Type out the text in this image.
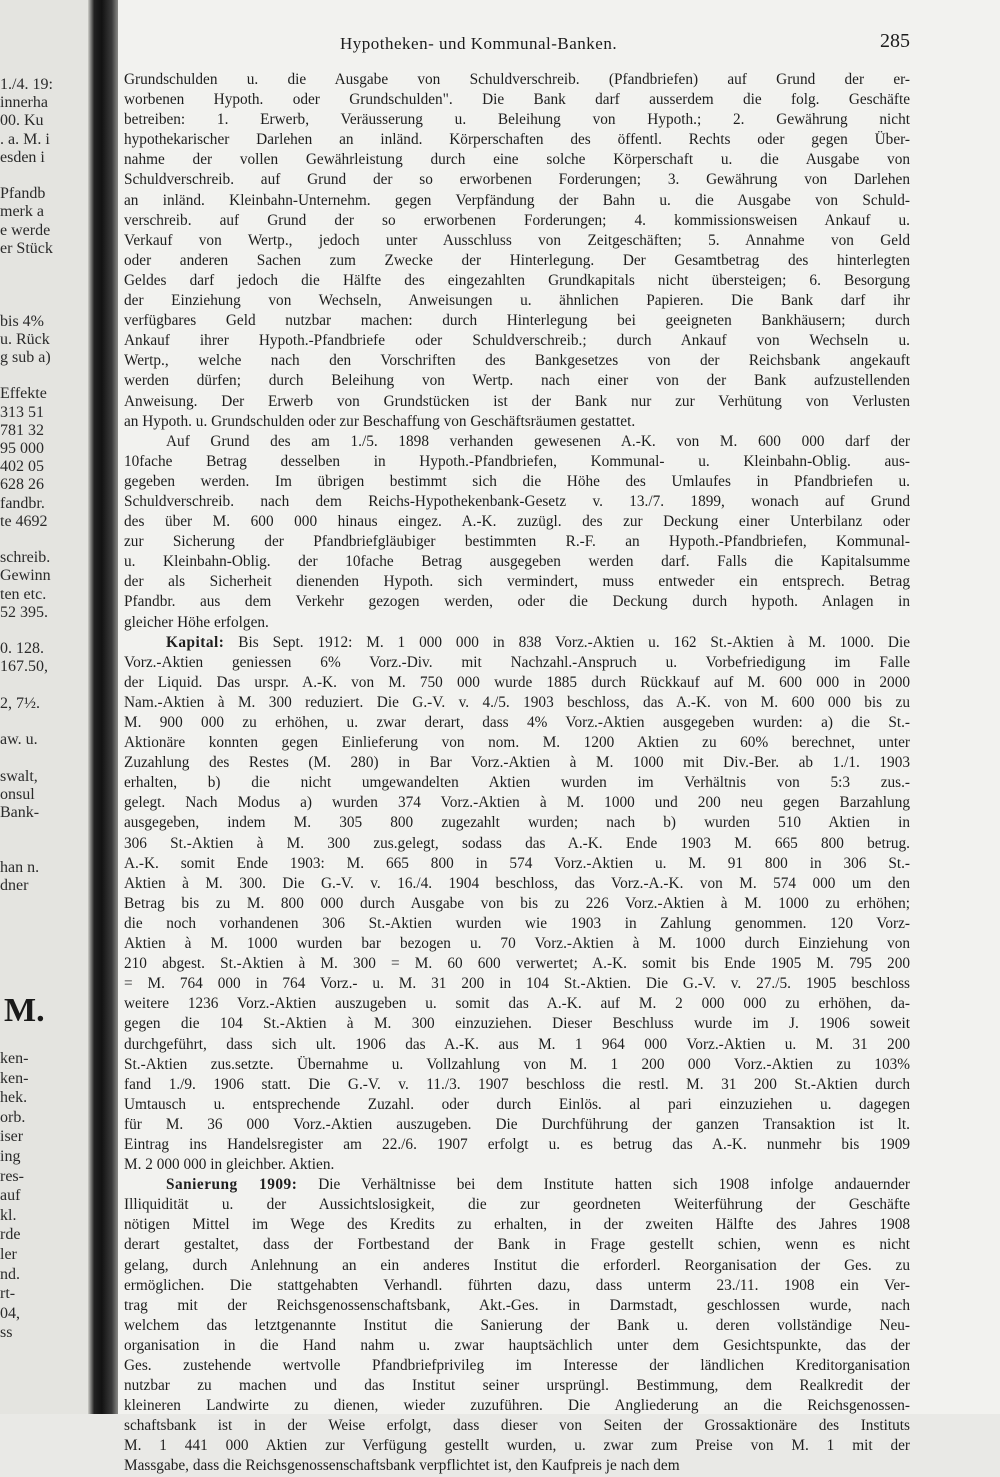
1./4. 19:
innerha
00. Ku
. a. M. i
esden i
Pfandb
merk a
e werde
er Stück
bis 4%
u. Rück
g sub a)
Effekte
313 51
781 32
95 000
402 05
628 26
fandbr.
te 4692
schreib.
Gewinn
ten etc.
52 395.
0. 128.
167.50,
2, 7½.
aw. u.
swalt,
onsul
Bank-
han n.
dner
M.
ken-
ken-
hek.
orb.
iser
ing
res-
auf
kl.
rde
ler
nd.
rt-
04,
ss
Hypotheken- und Kommunal-Banken.	285
Grundschulden u. die Ausgabe von Schuldverschreib. (Pfandbriefen) auf Grund der er-
worbenen Hypoth. oder Grundschulden". Die Bank darf ausserdem die folg. Geschäfte
betreiben: 1. Erwerb, Veräusserung u. Beleihung von Hypoth.; 2. Gewährung nicht
hypothekarischer Darlehen an inländ. Körperschaften des öffentl. Rechts oder gegen Über-
nahme der vollen Gewährleistung durch eine solche Körperschaft u. die Ausgabe von
Schuldverschreib. auf Grund der so erworbenen Forderungen; 3. Gewährung von Darlehen
an inländ. Kleinbahn-Unternehm. gegen Verpfändung der Bahn u. die Ausgabe von Schuld-
verschreib. auf Grund der so erworbenen Forderungen; 4. kommissionsweisen Ankauf u.
Verkauf von Wertp., jedoch unter Ausschluss von Zeitgeschäften; 5. Annahme von Geld
oder anderen Sachen zum Zwecke der Hinterlegung. Der Gesamtbetrag des hinterlegten
Geldes darf jedoch die Hälfte des eingezahlten Grundkapitals nicht übersteigen; 6. Besorgung
der Einziehung von Wechseln, Anweisungen u. ähnlichen Papieren. Die Bank darf ihr
verfügbares Geld nutzbar machen: durch Hinterlegung bei geeigneten Bankhäusern; durch
Ankauf ihrer Hypoth.-Pfandbriefe oder Schuldverschreib.; durch Ankauf von Wechseln u.
Wertp., welche nach den Vorschriften des Bankgesetzes von der Reichsbank angekauft
werden dürfen; durch Beleihung von Wertp. nach einer von der Bank aufzustellenden
Anweisung. Der Erwerb von Grundstücken ist der Bank nur zur Verhütung von Verlusten
an Hypoth. u. Grundschulden oder zur Beschaffung von Geschäftsräumen gestattet.
Auf Grund des am 1./5. 1898 verhanden gewesenen A.-K. von M. 600 000 darf der
10fache Betrag desselben in Hypoth.-Pfandbriefen, Kommunal- u. Kleinbahn-Oblig. aus-
gegeben werden. Im übrigen bestimmt sich die Höhe des Umlaufes in Pfandbriefen u.
Schuldverschreib. nach dem Reichs-Hypothekenbank-Gesetz v. 13./7. 1899, wonach auf Grund
des über M. 600 000 hinaus eingez. A.-K. zuzügl. des zur Deckung einer Unterbilanz oder
zur Sicherung der Pfandbriefgläubiger bestimmten R.-F. an Hypoth.-Pfandbriefen, Kommunal-
u. Kleinbahn-Oblig. der 10fache Betrag ausgegeben werden darf. Falls die Kapitalsumme
der als Sicherheit dienenden Hypoth. sich vermindert, muss entweder ein entsprech. Betrag
Pfandbr. aus dem Verkehr gezogen werden, oder die Deckung durch hypoth. Anlagen in
gleicher Höhe erfolgen.
Kapital: Bis Sept. 1912: M. 1 000 000 in 838 Vorz.-Aktien u. 162 St.-Aktien à M. 1000. Die
Vorz.-Aktien geniessen 6% Vorz.-Div. mit Nachzahl.-Anspruch u. Vorbefriedigung im Falle
der Liquid. Das urspr. A.-K. von M. 750 000 wurde 1885 durch Rückkauf auf M. 600 000 in 2000
Nam.-Aktien à M. 300 reduziert. Die G.-V. v. 4./5. 1903 beschloss, das A.-K. von M. 600 000 bis zu
M. 900 000 zu erhöhen, u. zwar derart, dass 4% Vorz.-Aktien ausgegeben wurden: a) die St.-
Aktionäre konnten gegen Einlieferung von nom. M. 1200 Aktien zu 60% berechnet, unter
Zuzahlung des Restes (M. 280) in Bar Vorz.-Aktien à M. 1000 mit Div.-Ber. ab 1./1. 1903
erhalten, b) die nicht umgewandelten Aktien wurden im Verhältnis von 5:3 zus.-
gelegt. Nach Modus a) wurden 374 Vorz.-Aktien à M. 1000 und 200 neu gegen Barzahlung
ausgegeben, indem M. 305 800 zugezahlt wurden; nach b) wurden 510 Aktien in
306 St.-Aktien à M. 300 zus.gelegt, sodass das A.-K. Ende 1903 M. 665 800 betrug.
A.-K. somit Ende 1903: M. 665 800 in 574 Vorz.-Aktien u. M. 91 800 in 306 St.-
Aktien à M. 300. Die G.-V. v. 16./4. 1904 beschloss, das Vorz.-A.-K. von M. 574 000 um den
Betrag bis zu M. 800 000 durch Ausgabe von bis zu 226 Vorz.-Aktien à M. 1000 zu erhöhen;
die noch vorhandenen 306 St.-Aktien wurden wie 1903 in Zahlung genommen. 120 Vorz-
Aktien à M. 1000 wurden bar bezogen u. 70 Vorz.-Aktien à M. 1000 durch Einziehung von
210 abgest. St.-Aktien à M. 300 = M. 60 600 verwertet; A.-K. somit bis Ende 1905 M. 795 200
= M. 764 000 in 764 Vorz.- u. M. 31 200 in 104 St.-Aktien. Die G.-V. v. 27./5. 1905 beschloss
weitere 1236 Vorz.-Aktien auszugeben u. somit das A.-K. auf M. 2 000 000 zu erhöhen, da-
gegen die 104 St.-Aktien à M. 300 einzuziehen. Dieser Beschluss wurde im J. 1906 soweit
durchgeführt, dass sich ult. 1906 das A.-K. aus M. 1 964 000 Vorz.-Aktien u. M. 31 200
St.-Aktien zus.setzte. Übernahme u. Vollzahlung von M. 1 200 000 Vorz.-Aktien zu 103%
fand 1./9. 1906 statt. Die G.-V. v. 11./3. 1907 beschloss die restl. M. 31 200 St.-Aktien durch
Umtausch u. entsprechende Zuzahl. oder durch Einlös. al pari einzuziehen u. dagegen
für M. 36 000 Vorz.-Aktien auszugeben. Die Durchführung der ganzen Transaktion ist lt.
Eintrag ins Handelsregister am 22./6. 1907 erfolgt u. es betrug das A.-K. nunmehr bis 1909
M. 2 000 000 in gleichber. Aktien.
Sanierung 1909: Die Verhältnisse bei dem Institute hatten sich 1908 infolge andauernder
Illiquidität u. der Aussichtslosigkeit, die zur geordneten Weiterführung der Geschäfte
nötigen Mittel im Wege des Kredits zu erhalten, in der zweiten Hälfte des Jahres 1908
derart gestaltet, dass der Fortbestand der Bank in Frage gestellt schien, wenn es nicht
gelang, durch Anlehnung an ein anderes Institut die erforderl. Reorganisation der Ges. zu
ermöglichen. Die stattgehabten Verhandl. führten dazu, dass unterm 23./11. 1908 ein Ver-
trag mit der Reichsgenossenschaftsbank, Akt.-Ges. in Darmstadt, geschlossen wurde, nach
welchem das letztgenannte Institut die Sanierung der Bank u. deren vollständige Neu-
organisation in die Hand nahm u. zwar hauptsächlich unter dem Gesichtspunkte, das der
Ges. zustehende wertvolle Pfandbriefprivileg im Interesse der ländlichen Kreditorganisation
nutzbar zu machen und das Institut seiner ursprüngl. Bestimmung, dem Realkredit der
kleineren Landwirte zu dienen, wieder zuzuführen. Die Angliederung an die Reichsgenossen-
schaftsbank ist in der Weise erfolgt, dass dieser von Seiten der Grossaktionäre des Instituts
M. 1 441 000 Aktien zur Verfügung gestellt wurden, u. zwar zum Preise von M. 1 mit der
Massgabe, dass die Reichsgenossenschaftsbank verpflichtet ist, den Kaufpreis je nach dem
